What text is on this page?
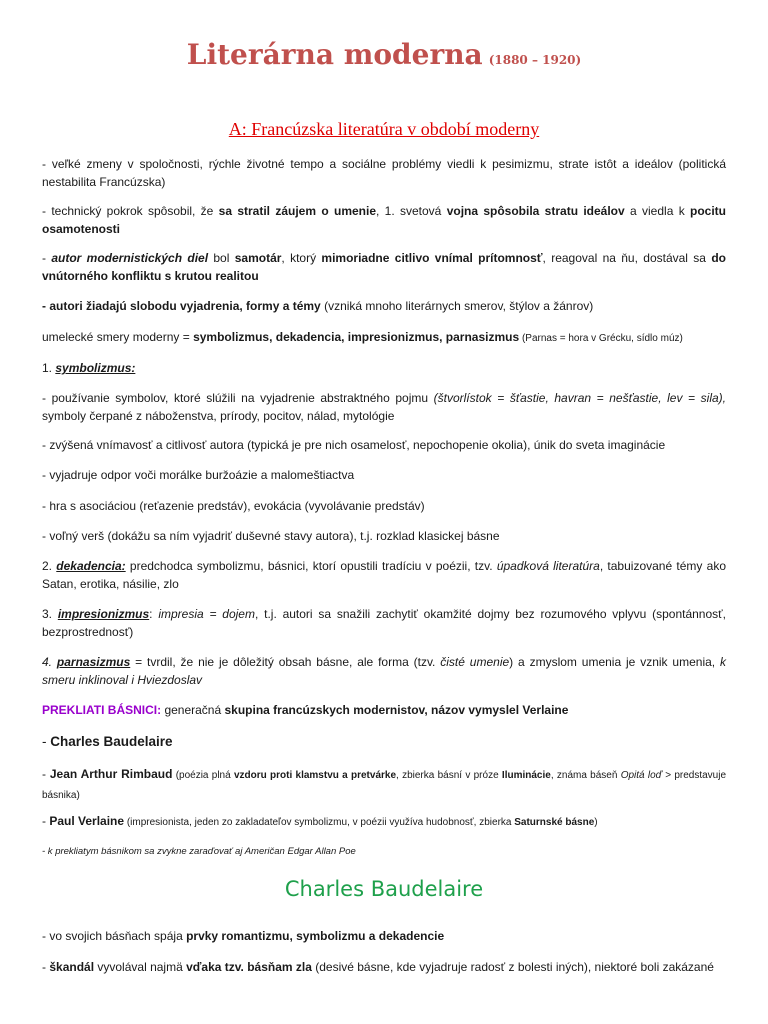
Literárna moderna (1880 – 1920)
A: Francúzska literatúra v období moderny
- veľké zmeny v spoločnosti, rýchle životné tempo a sociálne problémy viedli k pesimizmu, strate istôt a ideálov (politická nestabilita Francúzska)
- technický pokrok spôsobil, že sa stratil záujem o umenie, 1. svetová vojna spôsobila stratu ideálov a viedla k pocitu osamotenosti
- autor modernistických diel bol samotár, ktorý mimoriadne citlivo vnímal prítomnosť, reagoval na ňu, dostával sa do vnútorného konfliktu s krutou realitou
- autori žiadajú slobodu vyjadrenia, formy a témy (vzniká mnoho literárnych smerov, štýlov a žánrov)
umelecké smery moderny = symbolizmus, dekadencia, impresionizmus, parnasizmus (Parnas = hora v Grécku, sídlo múz)
1. symbolizmus:
- používanie symbolov, ktoré slúžili na vyjadrenie abstraktného pojmu (štvorlístok = šťastie, havran = nešťastie, lev = sila), symboly čerpané z náboženstva, prírody, pocitov, nálad, mytológie
- zvýšená vnímavosť a citlivosť autora (typická je pre nich osamelosť, nepochopenie okolia), únik do sveta imaginácie
- vyjadruje odpor voči morálke buržoázie a malomeštiactva
- hra s asociáciou (reťazenie predstáv), evokácia (vyvolávanie predstáv)
- voľný verš (dokážu sa ním vyjadriť duševné stavy autora), t.j. rozklad klasickej básne
2. dekadencia: predchodca symbolizmu, básnici, ktorí opustili tradíciu v poézii, tzv. úpadková literatúra, tabuizované témy ako Satan, erotika, násilie, zlo
3. impresionizmus: impresia = dojem, t.j. autori sa snažili zachytiť okamžité dojmy bez rozumového vplyvu (spontánnosť, bezprostrednosť)
4. parnasizmus = tvrdil, že nie je dôležitý obsah básne, ale forma (tzv. čisté umenie) a zmyslom umenia je vznik umenia, k smeru inklinoval i Hviezdoslav
PREKLIATI BÁSNICI: generačná skupina francúzskych modernistov, názov vymyslel Verlaine
- Charles Baudelaire
- Jean Arthur Rimbaud (poézia plná vzdoru proti klamstvu a pretvárke, zbierka básní v próze Iluminácie, známa báseň Opitá loď > predstavuje básnika)
- Paul Verlaine (impresionista, jeden zo zakladateľov symbolizmu, v poézii využíva hudobnosť, zbierka Saturnské básne)
- k prekliatym básnikom sa zvykne zaraďovať aj Američan Edgar Allan Poe
Charles Baudelaire
- vo svojich básňach spája prvky romantizmu, symbolizmu a dekadencie
- škandál vyvolával najmä vďaka tzv. básňam zla (desivé básne, kde vyjadruje radosť z bolesti iných), niektoré boli zakázané
